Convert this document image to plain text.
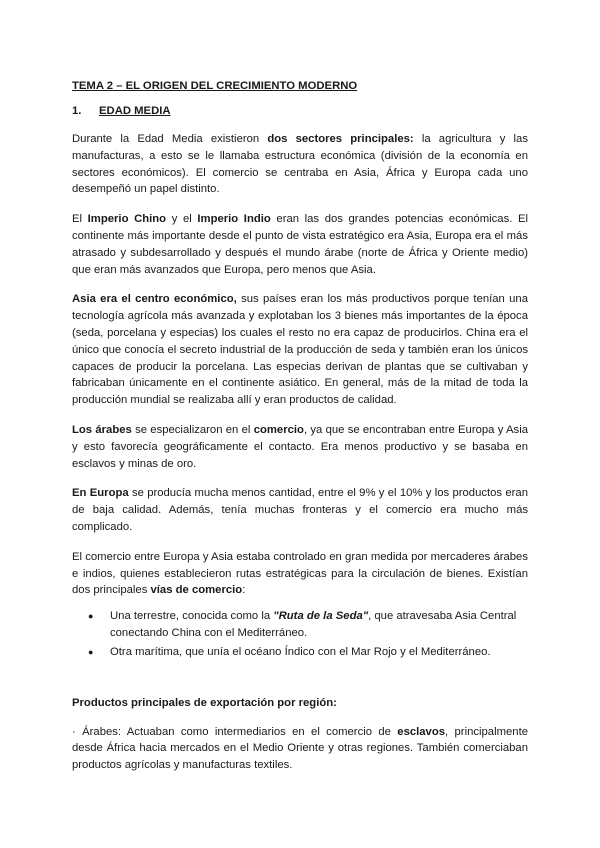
TEMA 2 – EL ORIGEN DEL CRECIMIENTO MODERNO
1. EDAD MEDIA

Durante la Edad Media existieron dos sectores principales: la agricultura y las manufacturas, a esto se le llamaba estructura económica (división de la economía en sectores económicos). El comercio se centraba en Asia, África y Europa cada uno desempeñó un papel distinto.

El Imperio Chino y el Imperio Indio eran las dos grandes potencias económicas. El continente más importante desde el punto de vista estratégico era Asia, Europa era el más atrasado y subdesarrollado y después el mundo árabe (norte de África y Oriente medio) que eran más avanzados que Europa, pero menos que Asia.

Asia era el centro económico, sus países eran los más productivos porque tenían una tecnología agrícola más avanzada y explotaban los 3 bienes más importantes de la época (seda, porcelana y especias) los cuales el resto no era capaz de producirlos. China era el único que conocía el secreto industrial de la producción de seda y también eran los únicos capaces de producir la porcelana. Las especias derivan de plantas que se cultivaban y fabricaban únicamente en el continente asiático. En general, más de la mitad de toda la producción mundial se realizaba allí y eran productos de calidad.

Los árabes se especializaron en el comercio, ya que se encontraban entre Europa y Asia y esto favorecía geográficamente el contacto. Era menos productivo y se basaba en esclavos y minas de oro.

En Europa se producía mucha menos cantidad, entre el 9% y el 10% y los productos eran de baja calidad. Además, tenía muchas fronteras y el comercio era mucho más complicado.

El comercio entre Europa y Asia estaba controlado en gran medida por mercaderes árabes e indios, quienes establecieron rutas estratégicas para la circulación de bienes. Existían dos principales vías de comercio:

● Una terrestre, conocida como la "Ruta de la Seda", que atravesaba Asia Central conectando China con el Mediterráneo.
● Otra marítima, que unía el océano Índico con el Mar Rojo y el Mediterráneo.
Productos principales de exportación por región:

· Árabes: Actuaban como intermediarios en el comercio de esclavos, principalmente desde África hacia mercados en el Medio Oriente y otras regiones. También comerciaban productos agrícolas y manufacturas textiles.
